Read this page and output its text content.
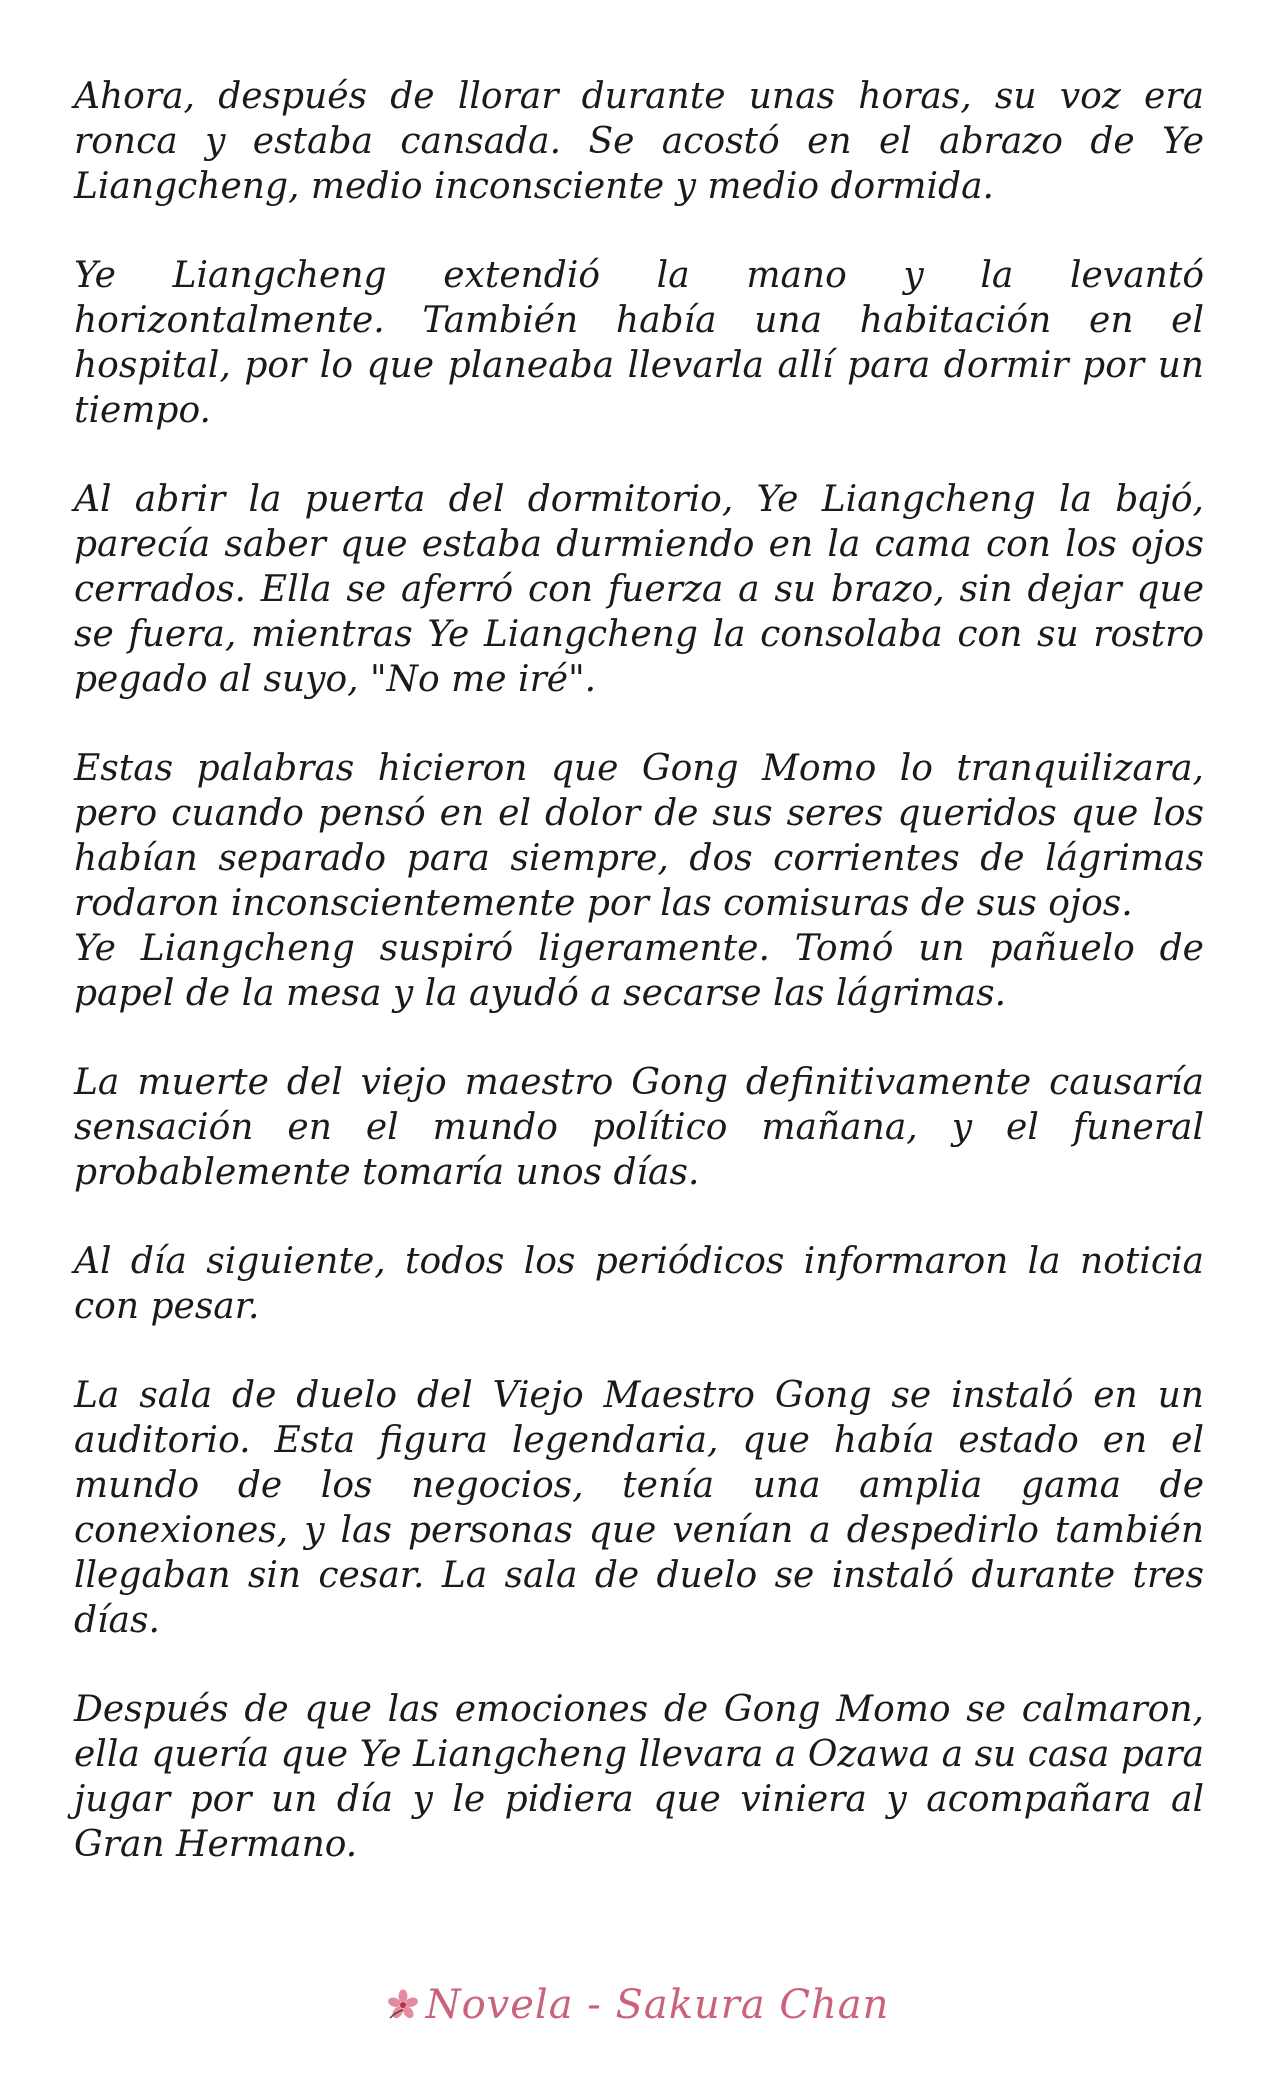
Ahora, después de llorar durante unas horas, su voz era ronca y estaba cansada. Se acostó en el abrazo de Ye Liangcheng, medio inconsciente y medio dormida.

Ye Liangcheng extendió la mano y la levantó horizontalmente. También había una habitación en el hospital, por lo que planeaba llevarla allí para dormir por un tiempo.

Al abrir la puerta del dormitorio, Ye Liangcheng la bajó, parecía saber que estaba durmiendo en la cama con los ojos cerrados. Ella se aferró con fuerza a su brazo, sin dejar que se fuera, mientras Ye Liangcheng la consolaba con su rostro pegado al suyo, "No me iré".

Estas palabras hicieron que Gong Momo lo tranquilizara, pero cuando pensó en el dolor de sus seres queridos que los habían separado para siempre, dos corrientes de lágrimas rodaron inconscientemente por las comisuras de sus ojos.

Ye Liangcheng suspiró ligeramente. Tomó un pañuelo de papel de la mesa y la ayudó a secarse las lágrimas.

La muerte del viejo maestro Gong definitivamente causaría sensación en el mundo político mañana, y el funeral probablemente tomaría unos días.

Al día siguiente, todos los periódicos informaron la noticia con pesar.

La sala de duelo del Viejo Maestro Gong se instaló en un auditorio. Esta figura legendaria, que había estado en el mundo de los negocios, tenía una amplia gama de conexiones, y las personas que venían a despedirlo también llegaban sin cesar. La sala de duelo se instaló durante tres días.

Después de que las emociones de Gong Momo se calmaron, ella quería que Ye Liangcheng llevara a Ozawa a su casa para jugar por un día y le pidiera que viniera y acompañara al Gran Hermano.

Novela - Sakura Chan
